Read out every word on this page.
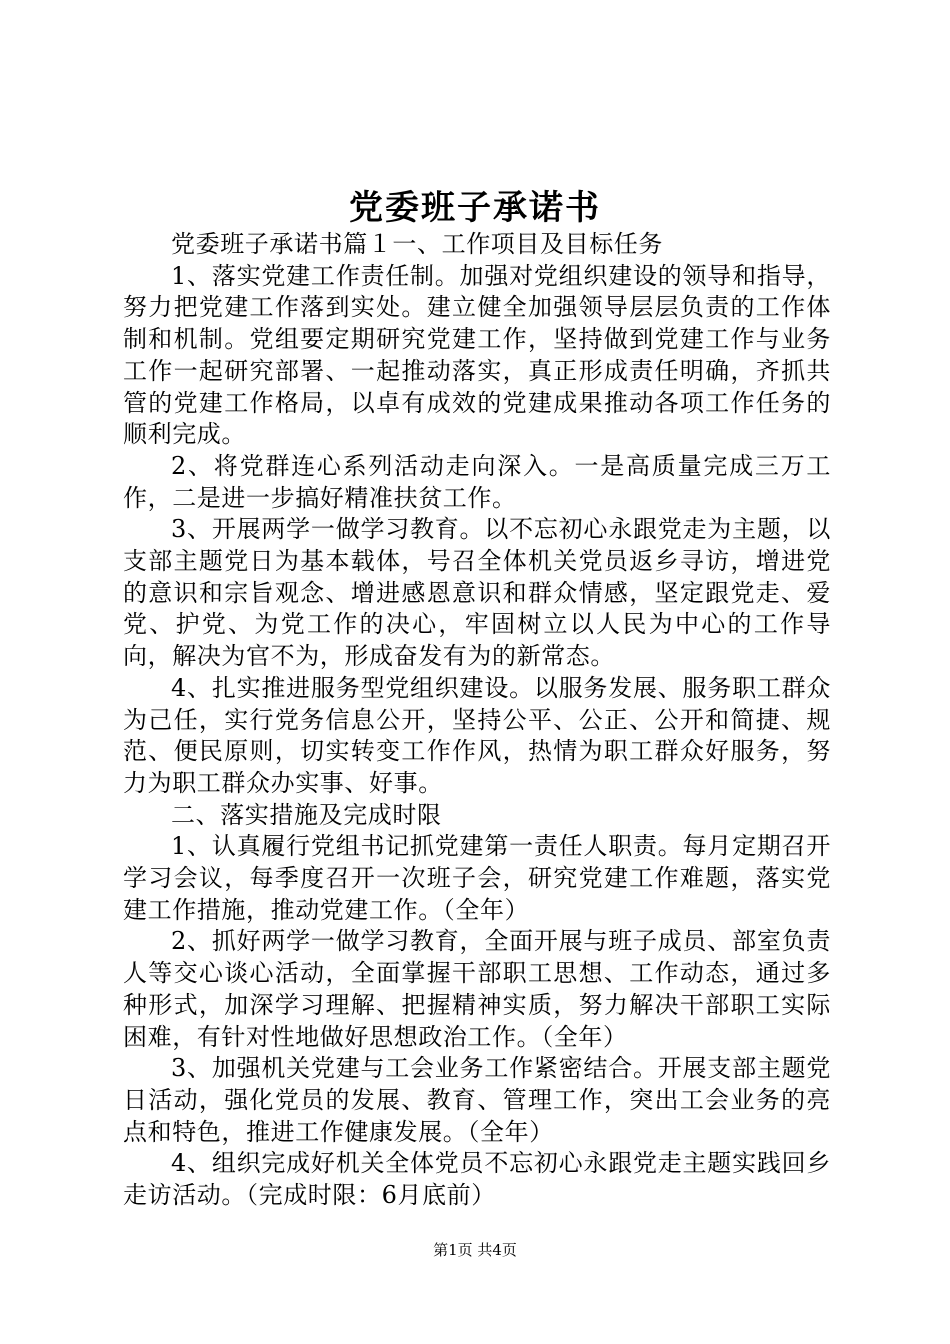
党委班子承诺书

党委班子承诺书篇１一、工作项目及目标任务

1、落实党建工作责任制。加强对党组织建设的领导和指导，努力把党建工作落到实处。建立健全加强领导层层负责的工作体制和机制。党组要定期研究党建工作，坚持做到党建工作与业务工作一起研究部署、一起推动落实，真正形成责任明确，齐抓共管的党建工作格局，以卓有成效的党建成果推动各项工作任务的顺利完成。

2、将党群连心系列活动走向深入。一是高质量完成三万工作，二是进一步搞好精准扶贫工作。

3、开展两学一做学习教育。以不忘初心永跟党走为主题，以支部主题党日为基本载体，号召全体机关党员返乡寻访，增进党的意识和宗旨观念、增进感恩意识和群众情感，坚定跟党走、爱党、护党、为党工作的决心，牢固树立以人民为中心的工作导向，解决为官不为，形成奋发有为的新常态。

4、扎实推进服务型党组织建设。以服务发展、服务职工群众为己任，实行党务信息公开，坚持公平、公正、公开和简捷、规范、便民原则，切实转变工作作风，热情为职工群众好服务，努力为职工群众办实事、好事。

二、落实措施及完成时限

1、认真履行党组书记抓党建第一责任人职责。每月定期召开学习会议，每季度召开一次班子会，研究党建工作难题，落实党建工作措施，推动党建工作。（全年）

2、抓好两学一做学习教育，全面开展与班子成员、部室负责人等交心谈心活动，全面掌握干部职工思想、工作动态，通过多种形式，加深学习理解、把握精神实质，努力解决干部职工实际困难，有针对性地做好思想政治工作。（全年）

3、加强机关党建与工会业务工作紧密结合。开展支部主题党日活动，强化党员的发展、教育、管理工作，突出工会业务的亮点和特色，推进工作健康发展。（全年）

4、组织完成好机关全体党员不忘初心永跟党走主题实践回乡走访活动。（完成时限：6月底前）

第1页 共4页
